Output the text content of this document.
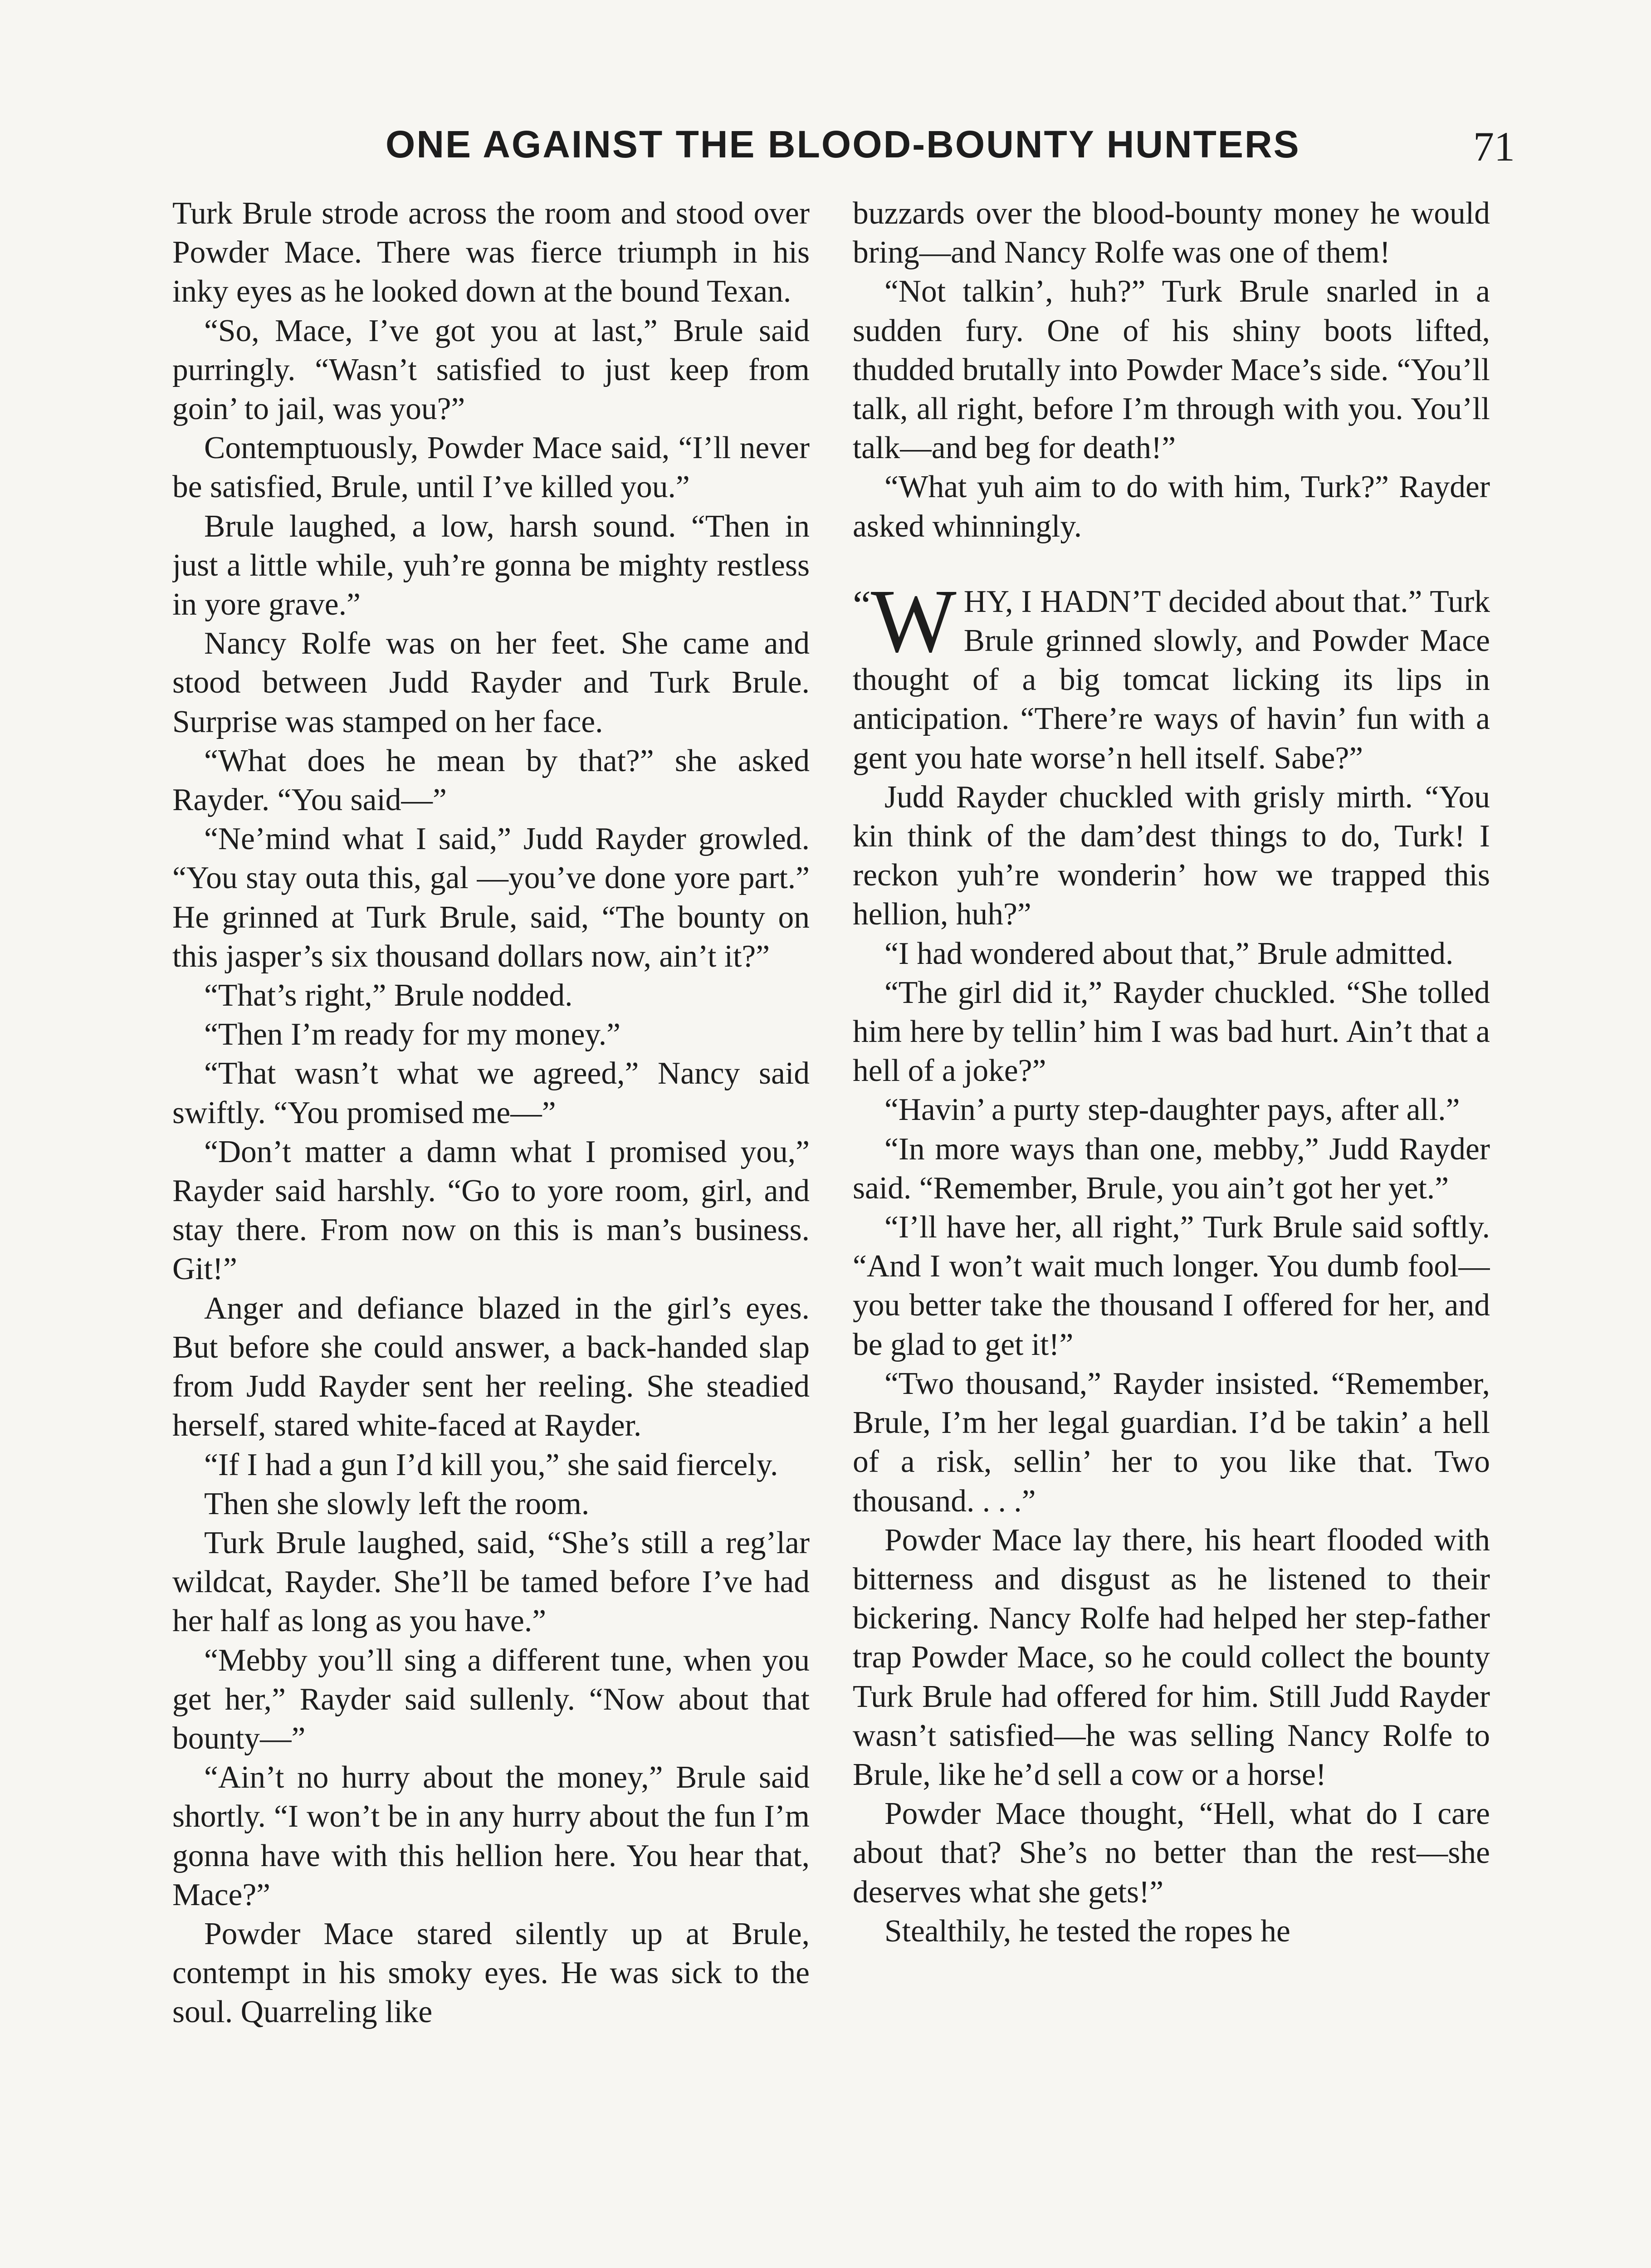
ONE AGAINST THE BLOOD-BOUNTY HUNTERS	71

Turk Brule strode across the room and stood over Powder Mace. There was fierce triumph in his inky eyes as he looked down at the bound Texan.

“So, Mace, I’ve got you at last,” Brule said purringly. “Wasn’t satisfied to just keep from goin’ to jail, was you?”

Contemptuously, Powder Mace said, “I’ll never be satisfied, Brule, until I’ve killed you.”

Brule laughed, a low, harsh sound. “Then in just a little while, yuh’re gonna be mighty restless in yore grave.”

Nancy Rolfe was on her feet. She came and stood between Judd Rayder and Turk Brule. Surprise was stamped on her face.

“What does he mean by that?” she asked Rayder. “You said—”

“Ne’mind what I said,” Judd Rayder growled. “You stay outa this, gal —you’ve done yore part.” He grinned at Turk Brule, said, “The bounty on this jasper’s six thousand dollars now, ain’t it?”

“That’s right,” Brule nodded.

“Then I’m ready for my money.”

“That wasn’t what we agreed,” Nancy said swiftly. “You promised me—”

“Don’t matter a damn what I promised you,” Rayder said harshly. “Go to yore room, girl, and stay there. From now on this is man’s business. Git!”

Anger and defiance blazed in the girl’s eyes. But before she could answer, a back-handed slap from Judd Rayder sent her reeling. She steadied herself, stared white-faced at Rayder.

“If I had a gun I’d kill you,” she said fiercely.

Then she slowly left the room.

Turk Brule laughed, said, “She’s still a reg’lar wildcat, Rayder. She’ll be tamed before I’ve had her half as long as you have.”

“Mebby you’ll sing a different tune, when you get her,” Rayder said sullenly. “Now about that bounty—”

“Ain’t no hurry about the money,” Brule said shortly. “I won’t be in any hurry about the fun I’m gonna have with this hellion here. You hear that, Mace?”

Powder Mace stared silently up at Brule, contempt in his smoky eyes. He was sick to the soul. Quarreling like

buzzards over the blood-bounty money he would bring—and Nancy Rolfe was one of them!

“Not talkin’, huh?” Turk Brule snarled in a sudden fury. One of his shiny boots lifted, thudded brutally into Powder Mace’s side. “You’ll talk, all right, before I’m through with you. You’ll talk—and beg for death!”

“What yuh aim to do with him, Turk?” Rayder asked whinningly.

“W HY, I HADN’T decided about that.” Turk Brule grinned slowly, and Powder Mace thought of a big tomcat licking its lips in anticipation. “There’re ways of havin’ fun with a gent you hate worse’n hell itself. Sabe?”

Judd Rayder chuckled with grisly mirth. “You kin think of the dam’dest things to do, Turk! I reckon yuh’re wonderin’ how we trapped this hellion, huh?”

“I had wondered about that,” Brule admitted.

“The girl did it,” Rayder chuckled. “She tolled him here by tellin’ him I was bad hurt. Ain’t that a hell of a joke?”

“Havin’ a purty step-daughter pays, after all.”

“In more ways than one, mebby,” Judd Rayder said. “Remember, Brule, you ain’t got her yet.”

“I’ll have her, all right,” Turk Brule said softly. “And I won’t wait much longer. You dumb fool—you better take the thousand I offered for her, and be glad to get it!”

“Two thousand,” Rayder insisted. “Remember, Brule, I’m her legal guardian. I’d be takin’ a hell of a risk, sellin’ her to you like that. Two thousand. . . .”

Powder Mace lay there, his heart flooded with bitterness and disgust as he listened to their bickering. Nancy Rolfe had helped her step-father trap Powder Mace, so he could collect the bounty Turk Brule had offered for him. Still Judd Rayder wasn’t satisfied—he was selling Nancy Rolfe to Brule, like he’d sell a cow or a horse!

Powder Mace thought, “Hell, what do I care about that? She’s no better than the rest—she deserves what she gets!”

Stealthily, he tested the ropes he
